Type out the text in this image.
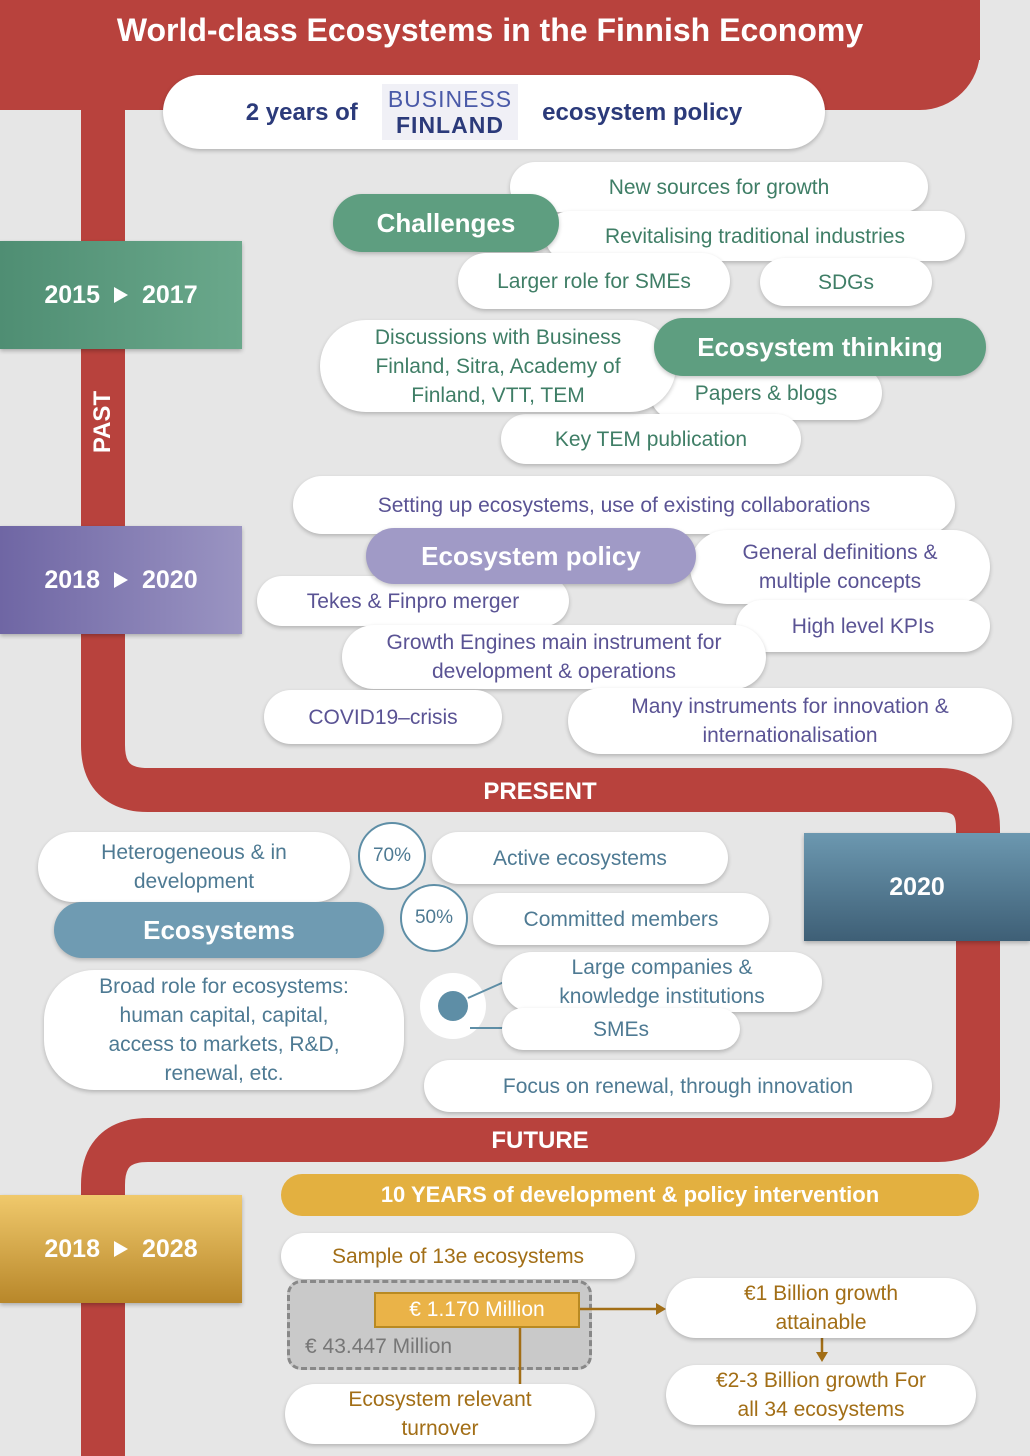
World-class Ecosystems in the Finnish Economy
2 years of BUSINESS
FINLAND ecosystem policy
PAST
PRESENT
FUTURE
2015 2017
New sources for growth
Revitalising traditional industries
Challenges
Larger role for SMEs	SDGs
Papers & blogs
Key TEM publication
Discussions with Business Finland, Sitra, Academy of Finland, VTT, TEM
Ecosystem thinking
2018 2020
Setting up ecosystems, use of existing collaborations
General definitions & multiple concepts
Tekes & Finpro merger
Ecosystem policy
High level KPIs
Growth Engines main instrument for development & operations
COVID19–crisis	Many instruments for innovation & internationalisation
2020
Heterogeneous & in development
Ecosystems
70%	Active ecosystems
50%	Committed members
Broad role for ecosystems: human capital, capital, access to markets, R&D, renewal, etc.
Large companies & knowledge institutions
SMEs
Focus on renewal, through innovation
2018 2028
10 YEARS of development & policy intervention
Sample of 13e ecosystems
€ 43.447 Million
€ 1.170 Million
Ecosystem relevant turnover
€1 Billion growth attainable
€2-3 Billion growth For all 34 ecosystems
